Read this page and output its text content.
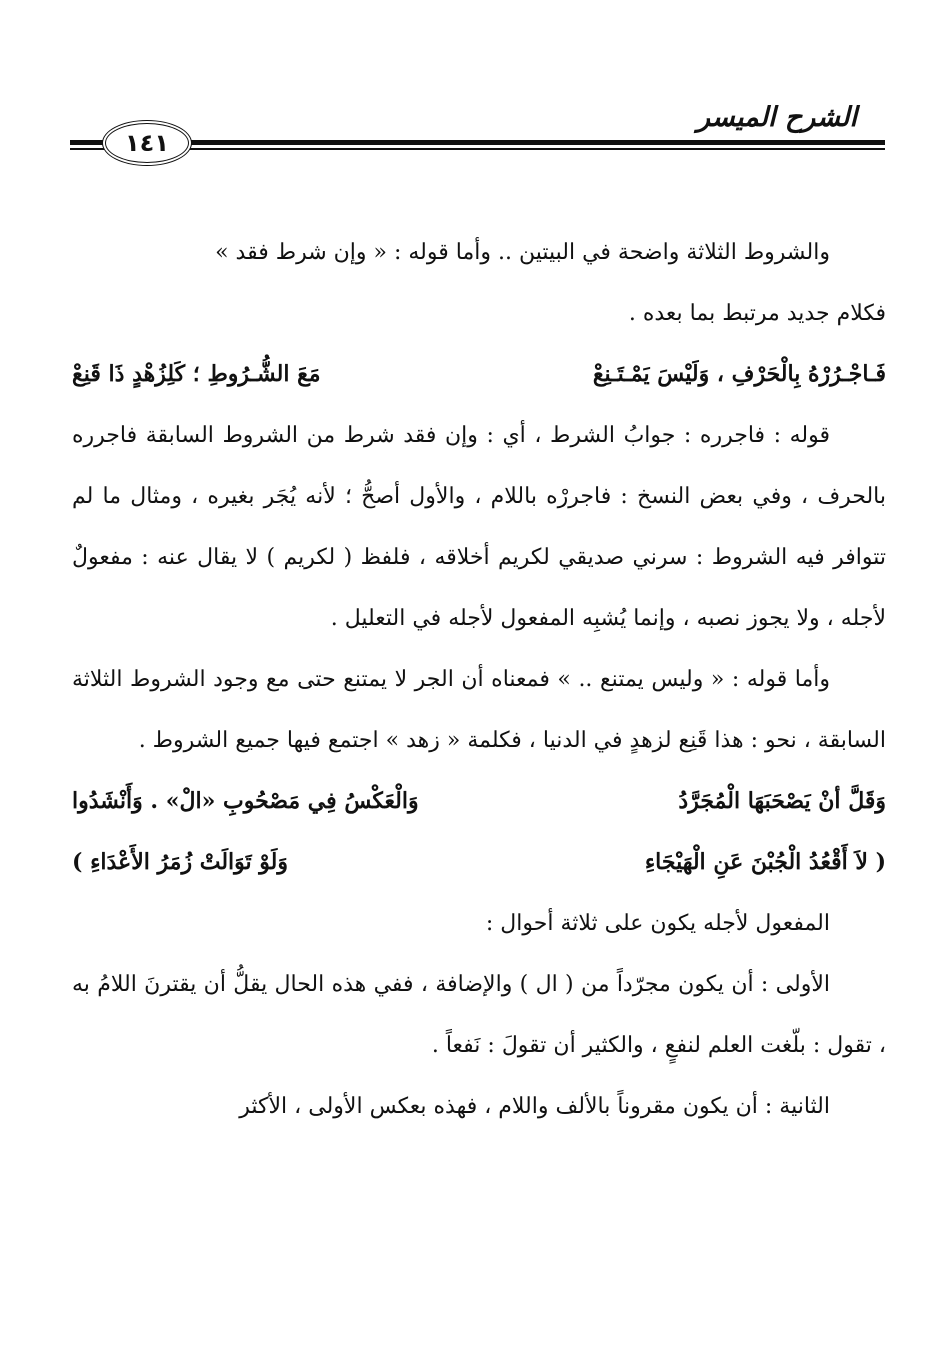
الشرح الميسر
١٤١

والشروط الثلاثة واضحة في البيتين .. وأما قوله : « وإن شرط فقد »

فكلام جديد مرتبط بما بعده .

فَـاجْـرُرْهُ بِالْحَرْفِ ، وَلَيْسَ يَمْـتَـنِعْ
مَعَ الشُّـرُوطِ ؛ كَلِزُهْدٍ ذَا قَنِعْ

قوله : فاجرره : جوابُ الشرط ، أي : وإن فقد شرط من الشروط السابقة فاجرره بالحرف ، وفي بعض النسخ : فاجررْه باللام ، والأول أصحُّ ؛ لأنه يُجَر بغيره ، ومثال ما لم تتوافر فيه الشروط : سرني صديقي لكريم أخلاقه ، فلفظ ( لكريم ) لا يقال عنه : مفعولٌ لأجله ، ولا يجوز نصبه ، وإنما يُشبِه المفعول لأجله في التعليل .

وأما قوله : « وليس يمتنع .. » فمعناه أن الجر لا يمتنع حتى مع وجود الشروط الثلاثة السابقة ، نحو : هذا قَنِع لزهدٍ في الدنيا ، فكلمة « زهد » اجتمع فيها جميع الشروط .

وَقَلَّ أنْ يَصْحَبَهَا الْمُجَرَّدُ
وَالْعَكْسُ فِي مَصْحُوبِ «الْ» . وَأَنْشَدُوا
( لاَ أَقْعُدُ الْجُبْنَ عَنِ الْهَيْجَاءِ
وَلَوْ تَوَالَتْ زُمَرُ الأَعْدَاءِ )

المفعول لأجله يكون على ثلاثة أحوال :

الأولى : أن يكون مجرّداً من ( ال ) والإضافة ، ففي هذه الحال يقلُّ أن يقترنَ اللامُ به ، تقول : بلّغت العلم لنفعٍ ، والكثير أن تقولَ : نَفعاً .

الثانية : أن يكون مقروناً بالألف واللام ، فهذه بعكس الأولى ، الأكثر
